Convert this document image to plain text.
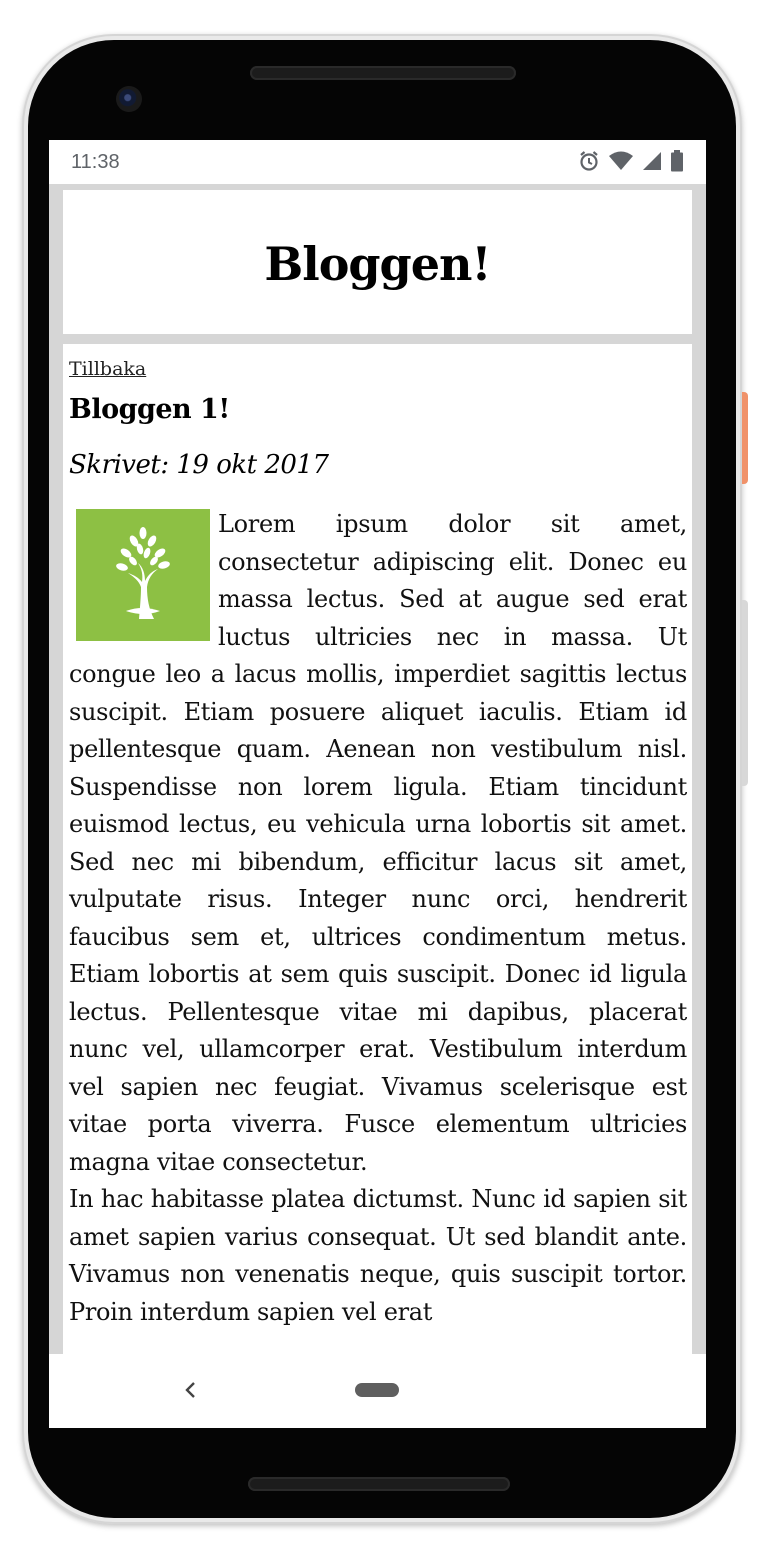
11:38
Bloggen!
Tillbaka
Bloggen 1!

Skrivet: 19 okt 2017

Lorem ipsum dolor sit amet, consectetur adipiscing elit. Donec eu massa lectus. Sed at augue sed erat luctus ultricies nec in massa. Ut congue leo a lacus mollis, imperdiet sagittis lectus suscipit. Etiam posuere aliquet iaculis. Etiam id pellentesque quam. Aenean non vestibulum nisl. Suspendisse non lorem ligula. Etiam tincidunt euismod lectus, eu vehicula urna lobortis sit amet. Sed nec mi bibendum, efficitur lacus sit amet, vulputate risus. Integer nunc orci, hendrerit faucibus sem et, ultrices condimentum metus. Etiam lobortis at sem quis suscipit. Donec id ligula lectus. Pellentesque vitae mi dapibus, placerat nunc vel, ullamcorper erat. Vestibulum interdum vel sapien nec feugiat. Vivamus scelerisque est vitae porta viverra. Fusce elementum ultricies magna vitae consectetur.

In hac habitasse platea dictumst. Nunc id sapien sit amet sapien varius consequat. Ut sed blandit ante. Vivamus non venenatis neque, quis suscipit tortor. Proin interdum sapien vel erat
